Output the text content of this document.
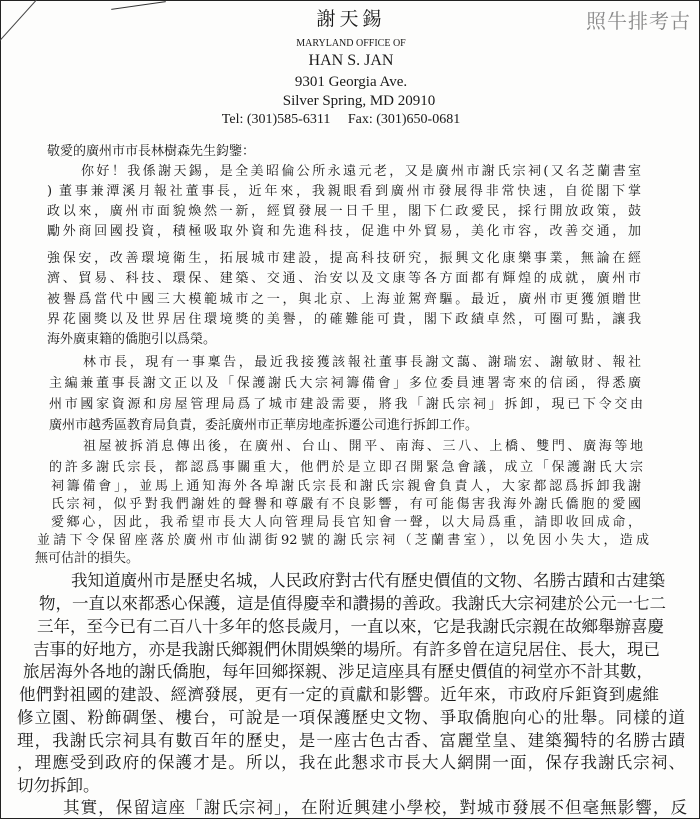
照牛排考古
謝天錫
MARYLAND OFFICE OF
HAN S. JAN
9301 Georgia Ave.
Silver Spring, MD 20910
Tel: (301)585-6311 Fax: (301)650-0681
敬愛的廣州市市長林樹森先生鈞鑒：
你好！我係謝天錫，是全美昭倫公所永遠元老，又是廣州市謝氏宗祠(又名芝蘭書室
) 董事兼潭溪月報社董事長，近年來，我親眼看到廣州市發展得非常快速，自從閣下掌
政以來，廣州市面貌煥然一新，經貿發展一日千里，閣下仁政愛民，採行開放政策，鼓
勵外商回國投資，積極吸取外資和先進科技，促進中外貿易，美化市容，改善交通，加
強保安，改善環境衛生，拓展城市建設，提高科技研究，振興文化康樂事業，無論在經
濟、貿易、科技、環保、建築、交通、治安以及文康等各方面都有輝煌的成就，廣州市
被譽爲當代中國三大模範城市之一，與北京、上海並駕齊驅。最近，廣州市更獲頒贈世
界花園獎以及世界居住環境獎的美譽，的確難能可貴，閣下政績卓然，可圈可點，讓我
海外廣東籍的僑胞引以爲榮。
林市長，現有一事稟告，最近我接獲該報社董事長謝文藹、謝瑞宏、謝敏財、報社
主編兼董事長謝文正以及「保護謝氏大宗祠籌備會」多位委員連署寄來的信函，得悉廣
州市國家資源和房屋管理局爲了城市建設需要，將我「謝氏宗祠」拆卸，現已下令交由
廣州市越秀區教育局負責，委託廣州市正華房地產拆遷公司進行拆卸工作。
祖屋被拆消息傳出後，在廣州、台山、開平、南海、三八、上橋、雙門、廣海等地
的許多謝氏宗長，都認爲事關重大，他們於是立即召開緊急會議，成立「保護謝氏大宗
祠籌備會」，並馬上通知海外各埠謝氏宗長和謝氏宗親會負責人，大家都認爲拆卸我謝
氏宗祠，似乎對我們謝姓的聲譽和尊嚴有不良影響，有可能傷害我海外謝氏僑胞的愛國
愛鄉心，因此，我希望市長大人向管理局長官知會一聲，以大局爲重，請即收回成命，
並請下令保留座落於廣州市仙湖街92號的謝氏宗祠（芝蘭書室），以免因小失大，造成
無可估計的損失。
我知道廣州市是歷史名城，人民政府對古代有歷史價值的文物、名勝古蹟和古建築
物，一直以來都悉心保護，這是值得慶幸和讚揚的善政。我謝氏大宗祠建於公元一七二
三年，至今已有二百八十多年的悠長歲月，一直以來，它是我謝氏宗親在故鄉舉辦喜慶
吉事的好地方，亦是我謝氏鄉親們休閒娛樂的場所。有許多曾在這兒居住、長大，現已
旅居海外各地的謝氏僑胞，每年回鄉探親、涉足這座具有歷史價值的祠堂亦不計其數，
他們對祖國的建設、經濟發展，更有一定的貢獻和影響。近年來，市政府斥鉅資到處維
修立園、粉飾碉堡、樓台，可說是一項保護歷史文物、爭取僑胞向心的壯舉。同樣的道
理，我謝氏宗祠具有數百年的歷史，是一座古色古香、富麗堂皇、建築獨特的名勝古蹟
，理應受到政府的保護才是。所以，我在此懇求市長大人網開一面，保存我謝氏宗祠、
切勿拆卸。
其實，保留這座「謝氏宗祠」，在附近興建小學校，對城市發展不但毫無影響，反
